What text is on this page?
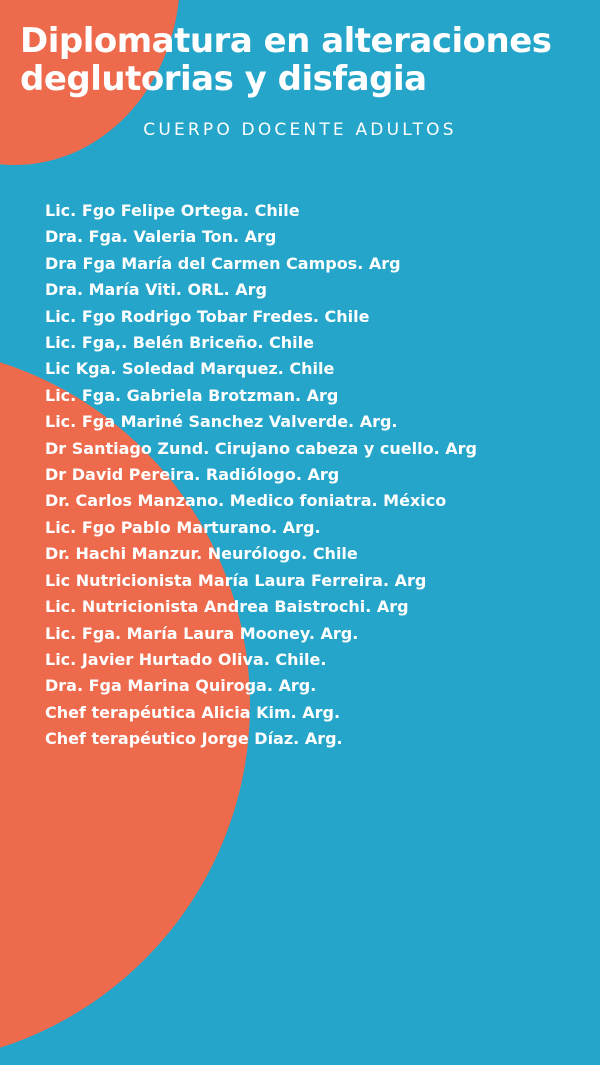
Diplomatura en alteraciones
deglutorias y disfagia
CUERPO DOCENTE ADULTOS
Lic. Fgo Felipe Ortega. Chile
Dra. Fga. Valeria Ton. Arg
Dra Fga María del Carmen Campos. Arg
Dra. María Viti. ORL. Arg
Lic. Fgo Rodrigo Tobar Fredes. Chile
Lic. Fga,. Belén Briceño. Chile
Lic Kga. Soledad Marquez. Chile
Lic. Fga. Gabriela Brotzman. Arg
Lic. Fga Mariné Sanchez Valverde. Arg.
Dr Santiago Zund. Cirujano cabeza y cuello. Arg
Dr David Pereira. Radiólogo. Arg
Dr. Carlos Manzano. Medico foniatra. México
Lic. Fgo Pablo Marturano. Arg.
Dr. Hachi Manzur. Neurólogo. Chile
Lic Nutricionista María Laura Ferreira. Arg
Lic. Nutricionista Andrea Baistrochi. Arg
Lic. Fga. María Laura Mooney. Arg.
Lic. Javier Hurtado Oliva. Chile.
Dra. Fga Marina Quiroga. Arg.
Chef terapéutica Alicia Kim. Arg.
Chef terapéutico Jorge Díaz. Arg.
